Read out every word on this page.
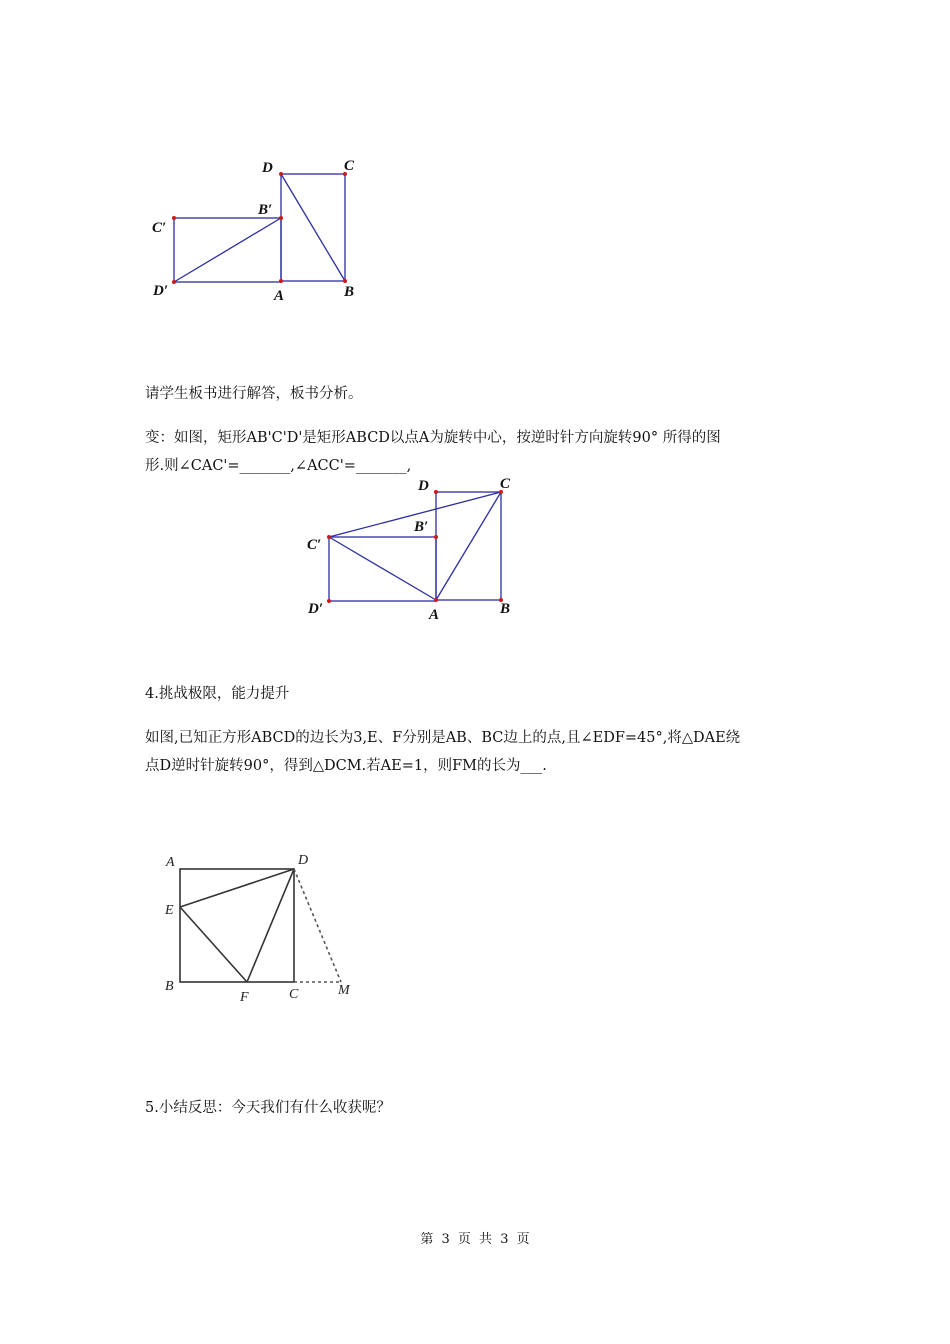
D	C
B′
C′
D′	A	B

请学生板书进行解答，板书分析。

变：如图，矩形AB'C'D'是矩形ABCD以点A为旋转中心，按逆时针方向旋转90° 所得的图

形.则∠CAC'=_______,∠ACC'=_______,

D	C
B′
C′
D′	A	B

4.挑战极限，能力提升

如图,已知正方形ABCD的边长为3,E、F分别是AB、BC边上的点,且∠EDF=45°,将△DAE绕

点D逆时针旋转90°，得到△DCM.若AE=1，则FM的长为___.

A	D
E
B
F	C	M

5.小结反思：今天我们有什么收获呢？

第 3 页 共 3 页
